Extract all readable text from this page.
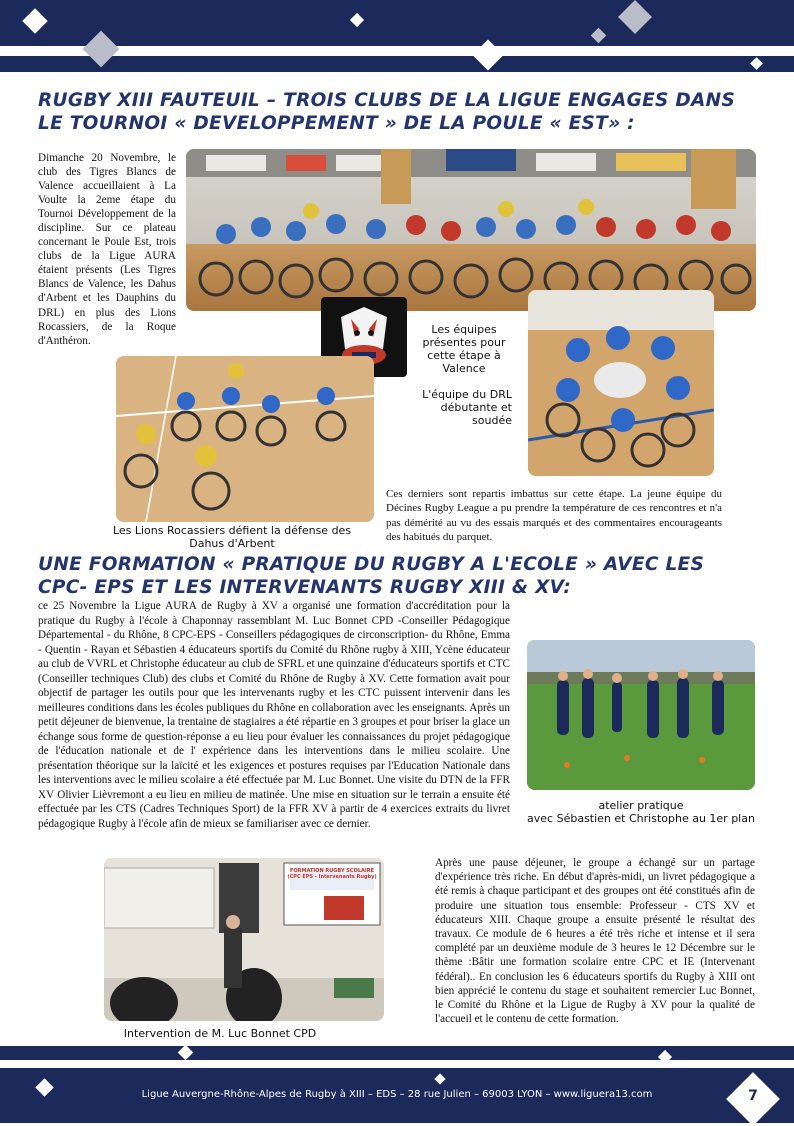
RUGBY XIII FAUTEUIL – TROIS CLUBS DE LA LIGUE ENGAGES DANS
LE TOURNOI « DEVELOPPEMENT » DE LA POULE « EST» :
Dimanche 20 Novembre, le club des Tigres Blancs de Valence accueillaient à La Voulte la 2eme étape du Tournoi Développement de la discipline. Sur ce plateau concernant le Poule Est, trois clubs de la Ligue AURA étaient présents (Les Tigres Blancs de Valence, les Dahus d'Arbent et les Dauphins du DRL) en plus des Lions Rocassiers, de la Roque d'Anthéron.
Les équipes
présentes pour
cette étape à
Valence
L'équipe du DRL
débutante et
soudée
Ces derniers sont repartis imbattus sur cette étape. La jeune équipe du Décines Rugby League a pu prendre la température de ces rencontres et n'a pas démérité au vu des essais marqués et des commentaires encourageants des habitués du parquet.
Les Lions Rocassiers défient la défense des
Dahus d'Arbent
UNE FORMATION « PRATIQUE DU RUGBY A L'ECOLE » AVEC LES
CPC- EPS ET LES INTERVENANTS RUGBY XIII & XV:
ce 25 Novembre la Ligue AURA de Rugby à XV a organisé une formation d'accréditation pour la pratique du Rugby à l'école à Chaponnay rassemblant M. Luc Bonnet CPD -Conseiller Pédagogique Départemental - du Rhône, 8 CPC-EPS - Conseillers pédagogiques de circonscription- du Rhône, Emma - Quentin - Rayan et Sébastien 4 éducateurs sportifs du Comité du Rhône rugby à XIII, Ycène éducateur au club de VVRL et Christophe éducateur au club de SFRL et une quinzaine d'éducateurs sportifs et CTC (Conseiller techniques Club) des clubs et Comité du Rhône de Rugby à XV. Cette formation avait pour objectif de partager les outils pour que les intervenants rugby et les CTC puissent intervenir dans les meilleures conditions dans les écoles publiques du Rhône en collaboration avec les enseignants. Après un petit déjeuner de bienvenue, la trentaine de stagiaires a été répartie en 3 groupes et pour briser la glace un échange sous forme de question-réponse a eu lieu pour évaluer les connaissances du projet pédagogique de l'éducation nationale et de l' expérience dans les interventions dans le milieu scolaire. Une présentation théorique sur la laïcité et les exigences et postures requises par l'Education Nationale dans les interventions avec le milieu scolaire a été effectuée par M. Luc Bonnet. Une visite du DTN de la FFR XV Olivier Lièvremont a eu lieu en milieu de matinée. Une mise en situation sur le terrain a ensuite été effectuée par les CTS (Cadres Techniques Sport) de la FFR XV à partir de 4 exercices extraits du livret pédagogique Rugby à l'école afin de mieux se familiariser avec ce dernier.
atelier pratique
avec Sébastien et Christophe au 1er plan
FORMATION RUGBY SCOLAIRE
(CPC EPS - Intervenants Rugby)
Intervention de M. Luc Bonnet CPD
Après une pause déjeuner, le groupe a échangé sur un partage d'expérience très riche. En début d'après-midi, un livret pédagogique a été remis à chaque participant et des groupes ont été constitués afin de produire une situation tous ensemble: Professeur - CTS XV et éducateurs XIII. Chaque groupe a ensuite présenté le résultat des travaux. Ce module de 6 heures a été très riche et intense et il sera complété par un deuxième module de 3 heures le 12 Décembre sur le thème :Bâtir une formation scolaire entre CPC et IE (Intervenant fédéral).. En conclusion les 6 éducateurs sportifs du Rugby à XIII ont bien apprécié le contenu du stage et souhaitent remercier Luc Bonnet, le Comité du Rhône et la Ligue de Rugby à XV pour la qualité de l'accueil et le contenu de cette formation.
Ligue Auvergne-Rhône-Alpes de Rugby à XIII – EDS – 28 rue Julien – 69003 LYON – www.liguera13.com	7
